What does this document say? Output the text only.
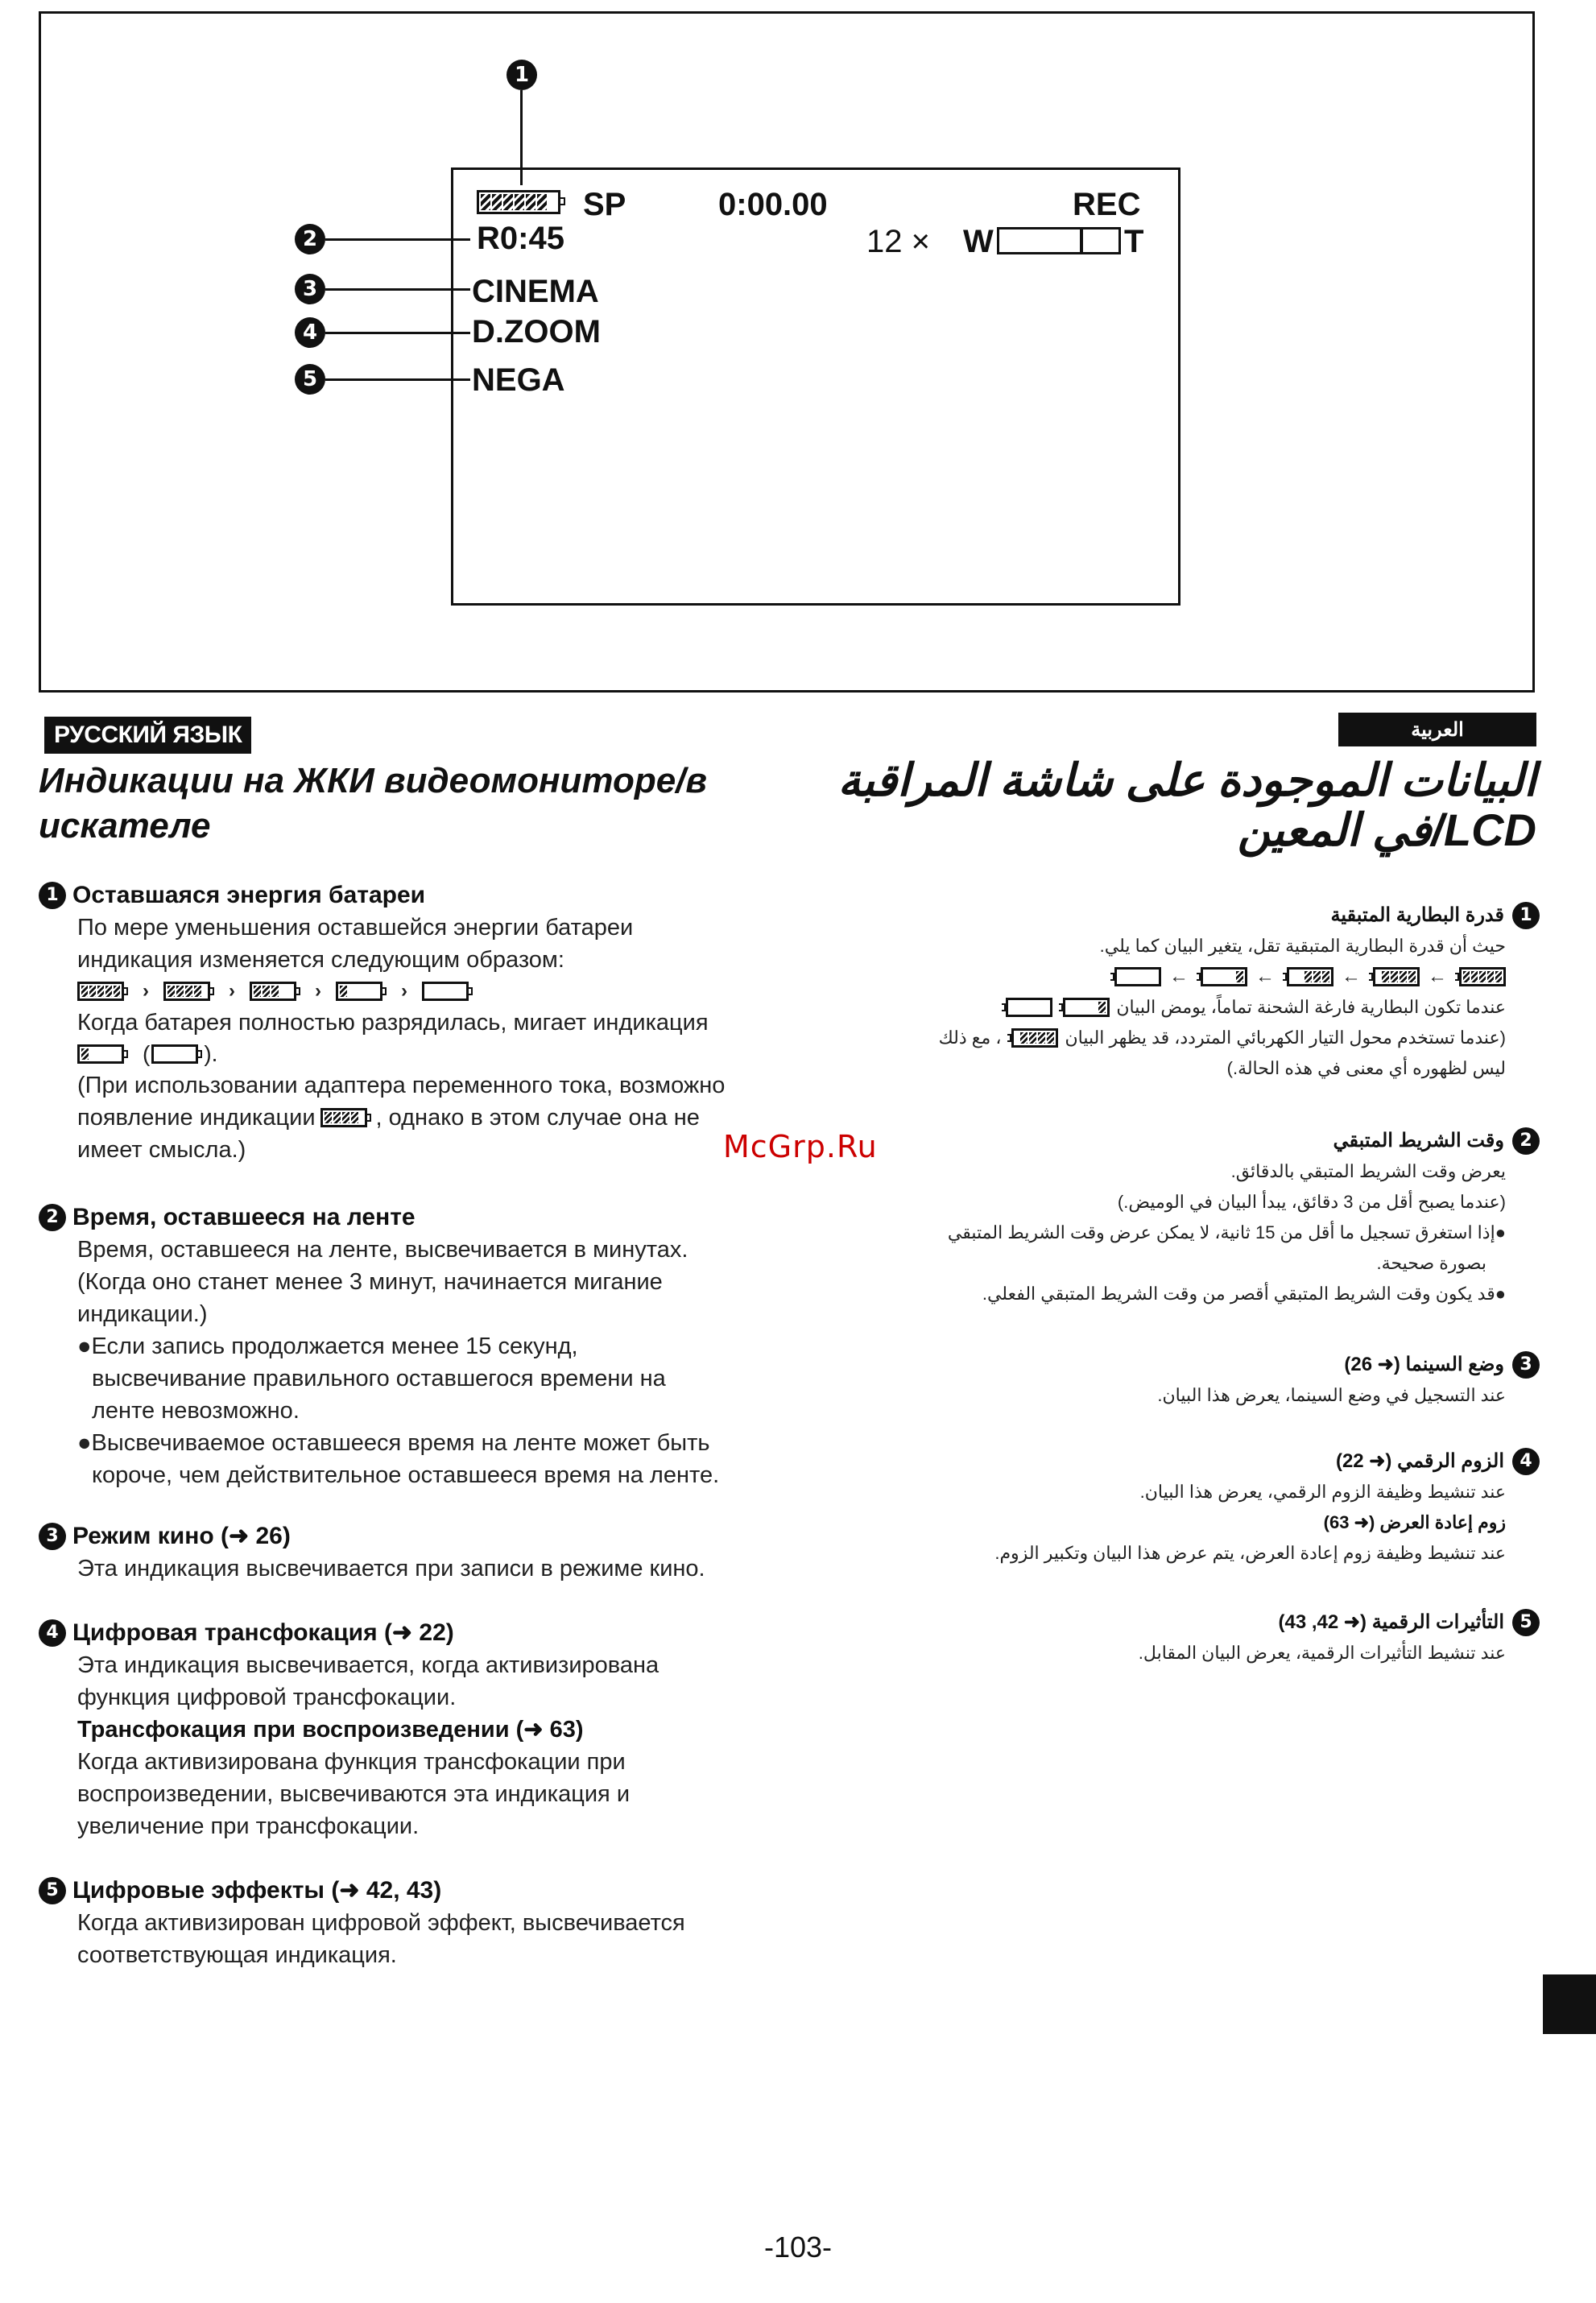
1
SP	0:00.00	REC
R0:45	12 × W	T
CINEMA
D.ZOOM
NEGA
2
3
4
5
РУССКИЙ ЯЗЫК	العربية
Индикации на ЖКИ видеомониторе/в искателе
البيانات الموجودة على شاشة المراقبة
LCD/في المعين
1 Оставшаяся энергия батареи
По мере уменьшения оставшейся энергии батареи
индикация изменяется следующим образом:
›	›	›	›
Когда батарея полностью разрядилась, мигает индикация
( ).
(При использовании адаптера переменного тока, возможно
появление индикации	, однако в этом случае она не
имеет смысла.)
2 Время, оставшееся на ленте
Время, оставшееся на ленте, высвечивается в минутах.
(Когда оно станет менее 3 минут, начинается мигание
индикации.)
●Если запись продолжается менее 15 секунд,
высвечивание правильного оставшегося времени на
ленте невозможно.
●Высвечиваемое оставшееся время на ленте может быть
короче, чем действительное оставшееся время на ленте.
3 Режим кино (➜ 26)
Эта индикация высвечивается при записи в режиме кино.
4 Цифровая трансфокация (➜ 22)
Эта индикация высвечивается, когда активизирована
функция цифровой трансфокации.
Трансфокация при воспроизведении (➜ 63)
Когда активизирована функция трансфокации при
воспроизведении, высвечиваются эта индикация и
увеличение при трансфокации.
5 Цифровые эффекты (➜ 42, 43)
Когда активизирован цифровой эффект, высвечивается
соответствующая индикация.
1
قدرة البطارية المتبقية
حيث أن قدرة البطارية المتبقية تقل، يتغير البيان كما يلي.
←
←
←
←
عندما تكون البطارية فارغة الشحنة تماماً، يومض البيان
(عندما تستخدم محول التيار الكهربائي المتردد، قد يظهر البيان
، مع ذلك
ليس لظهوره أي معنى في هذه الحالة.)
2
وقت الشريط المتبقي
يعرض وقت الشريط المتبقي بالدقائق.
(عندما يصبح أقل من 3 دقائق، يبدأ البيان في الوميض.)
●إذا استغرق تسجيل ما أقل من 15 ثانية، لا يمكن عرض وقت الشريط المتبقي
بصورة صحيحة.
●قد يكون وقت الشريط المتبقي أقصر من وقت الشريط المتبقي الفعلي.
3
وضع السينما (➜ 26)
عند التسجيل في وضع السينما، يعرض هذا البيان.
4
الزوم الرقمي (➜ 22)
عند تنشيط وظيفة الزوم الرقمي، يعرض هذا البيان.
زوم إعادة العرض (➜ 63)
عند تنشيط وظيفة زوم إعادة العرض، يتم عرض هذا البيان وتكبير الزوم.
5
التأثيرات الرقمية (➜ 42, 43)
عند تنشيط التأثيرات الرقمية، يعرض البيان المقابل.
McGrp.Ru
-103-
